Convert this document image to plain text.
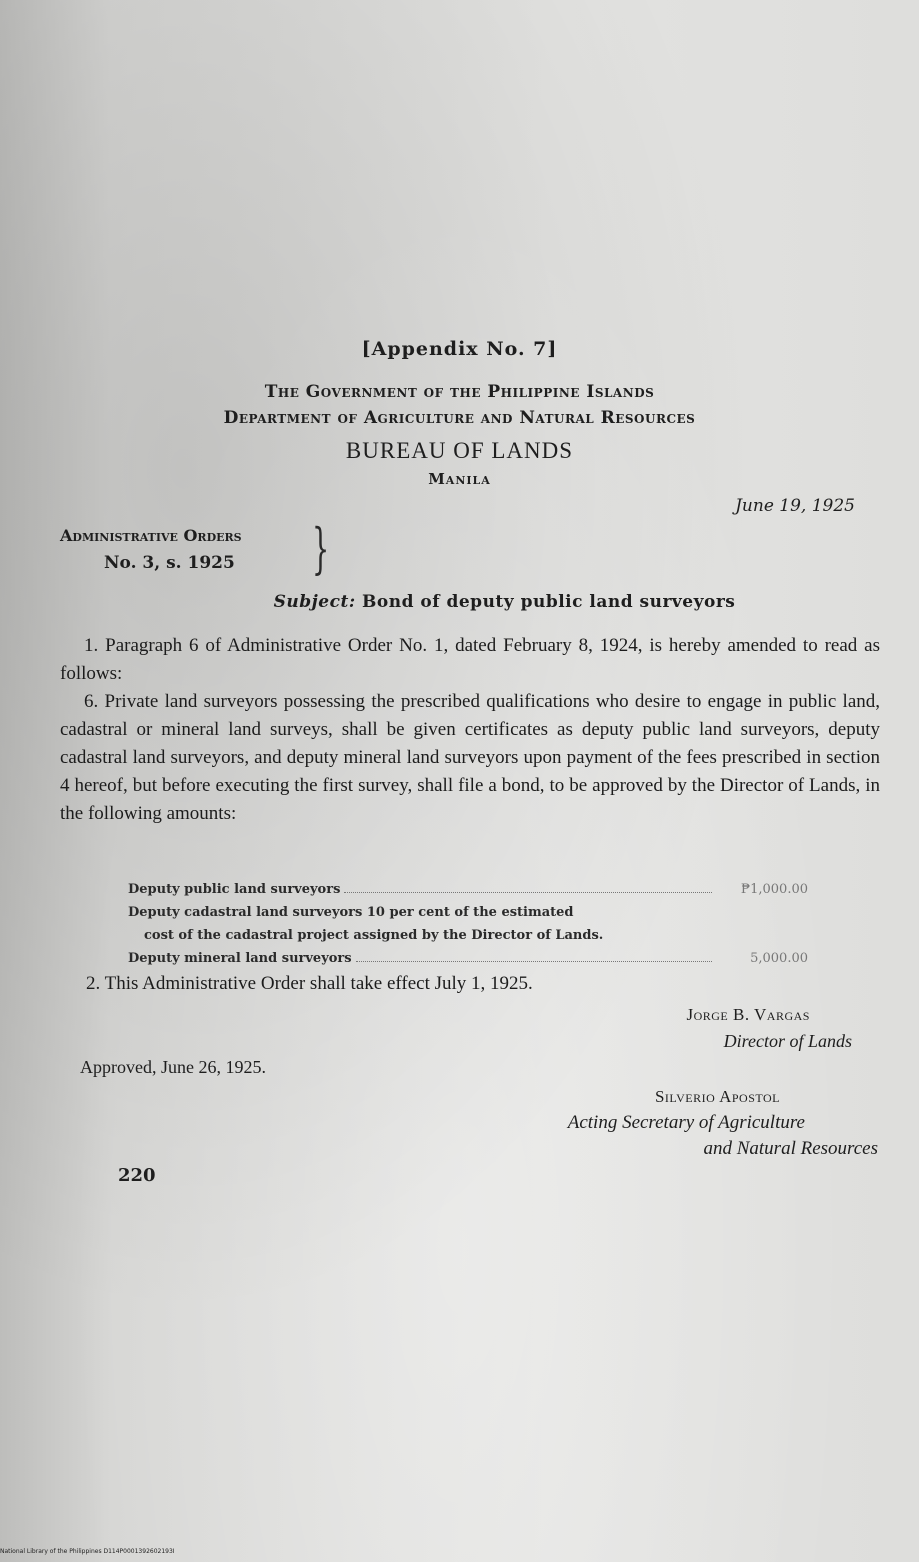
[Appendix No. 7]
The Government of the Philippine Islands
Department of Agriculture and Natural Resources
BUREAU OF LANDS
Manila
June 19, 1925
Administrative Orders
No. 3, s. 1925 }
Subject: Bond of deputy public land surveyors
1. Paragraph 6 of Administrative Order No. 1, dated February 8, 1924, is hereby amended to read as follows:
6. Private land surveyors possessing the prescribed qualifications who desire to engage in public land, cadastral or mineral land surveys, shall be given certificates as deputy public land surveyors, deputy cadastral land surveyors, and deputy mineral land surveyors upon payment of the fees prescribed in section 4 hereof, but before executing the first survey, shall file a bond, to be approved by the Director of Lands, in the following amounts:
Deputy public land surveyors	₱1,000.00
Deputy cadastral land surveyors 10 per cent of the estimated
cost of the cadastral project assigned by the Director of Lands.
Deputy mineral land surveyors	5,000.00
2. This Administrative Order shall take effect July 1, 1925.
Jorge B. Vargas
Director of Lands
Approved, June 26, 1925.
Silverio Apostol
Acting Secretary of Agriculture
and Natural Resources
220
National Library of the Philippines D114P0001392602193I
